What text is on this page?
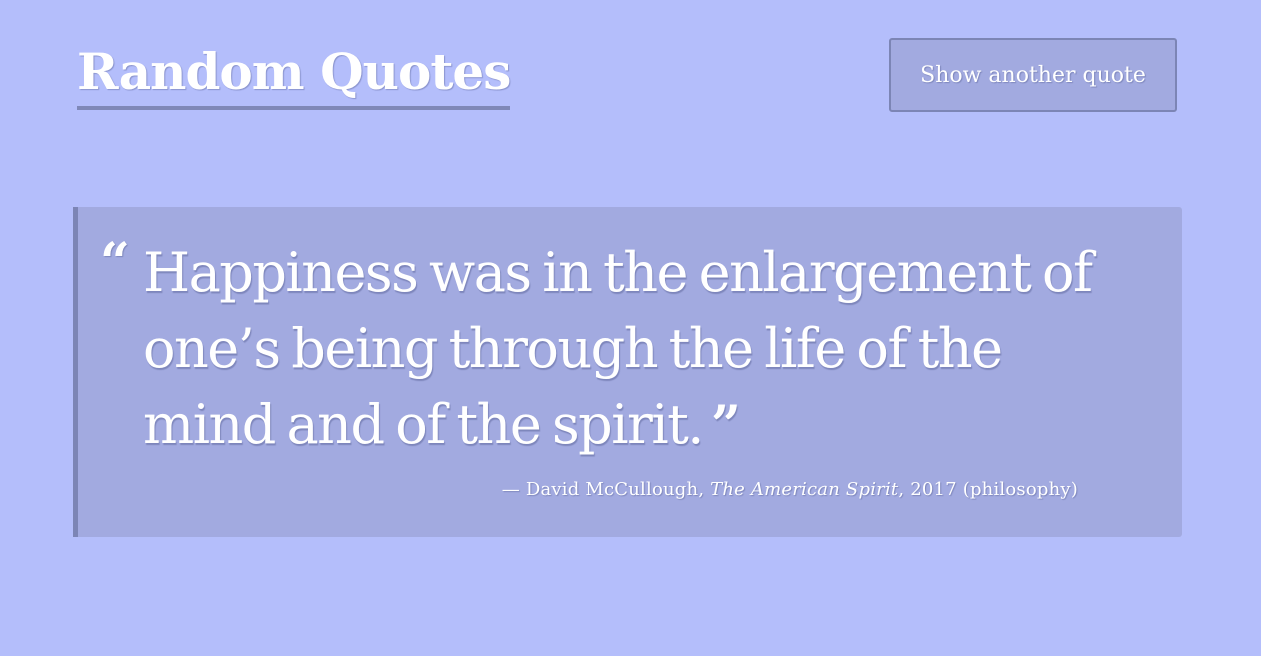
Random Quotes	Show another quote
“ Happiness was in the enlargement of one’s being through the life of the mind and of the spirit. ”

— David McCullough, The American Spirit, 2017 (philosophy)
